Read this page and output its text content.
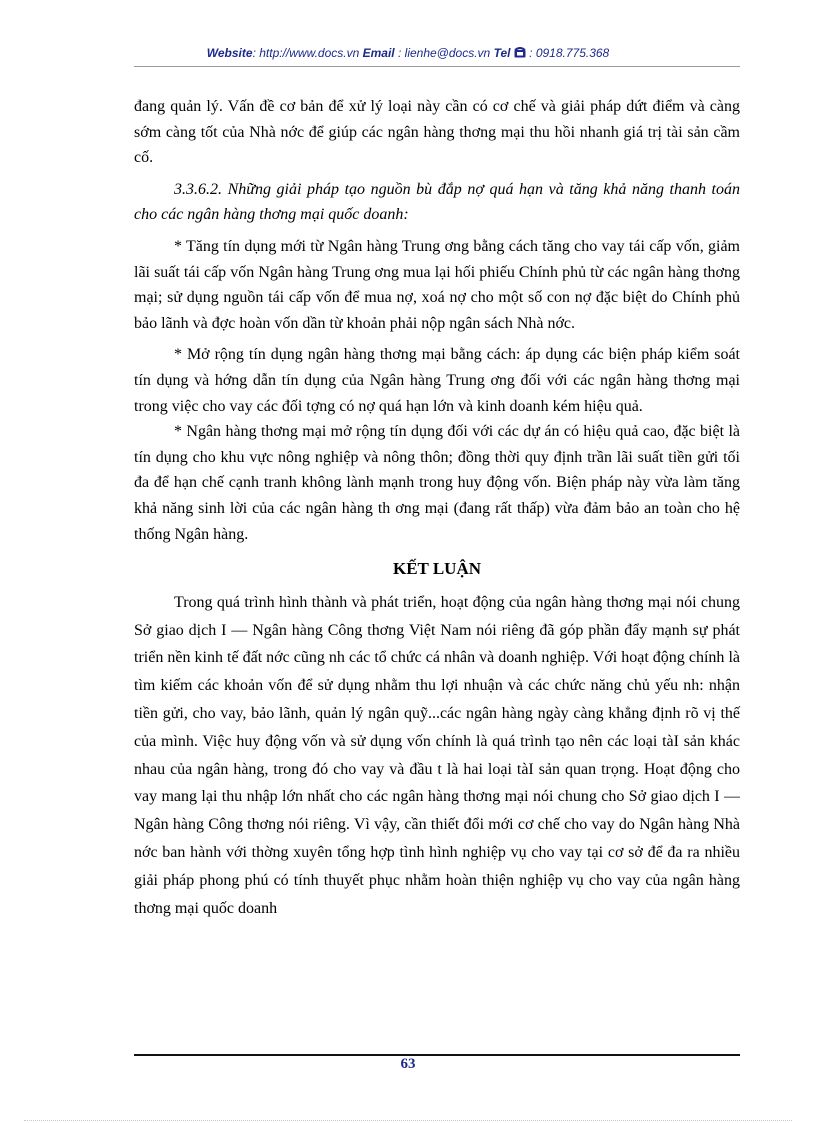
Website: http://www.docs.vn Email : lienhe@docs.vn Tel : 0918.775.368

đang quản lý. Vấn đề cơ bản để xử lý loại này cần có cơ chế và giải pháp dứt điểm và càng sớm càng tốt của Nhà nớc để giúp các ngân hàng thơng mại thu hồi nhanh giá trị tài sản cầm cố.

3.3.6.2. Những giải pháp tạo nguồn bù đắp nợ quá hạn và tăng khả năng thanh toán cho các ngân hàng thơng mại quốc doanh:

* Tăng tín dụng mới từ Ngân hàng Trung ơng bằng cách tăng cho vay tái cấp vốn, giảm lãi suất tái cấp vốn Ngân hàng Trung ơng mua lại hối phiếu Chính phủ từ các ngân hàng thơng mại; sử dụng nguồn tái cấp vốn để mua nợ, xoá nợ cho một số con nợ đặc biệt do Chính phủ bảo lãnh và đợc hoàn vốn dần từ khoản phải nộp ngân sách Nhà nớc.

* Mở rộng tín dụng ngân hàng thơng mại bằng cách: áp dụng các biện pháp kiểm soát tín dụng và hớng dẫn tín dụng của Ngân hàng Trung ơng đối với các ngân hàng thơng mại trong việc cho vay các đối tợng có nợ quá hạn lớn và kinh doanh kém hiệu quả.

* Ngân hàng thơng mại mở rộng tín dụng đối với các dự án có hiệu quả cao, đặc biệt là tín dụng cho khu vực nông nghiệp và nông thôn; đồng thời quy định trần lãi suất tiền gửi tối đa để hạn chế cạnh tranh không lành mạnh trong huy động vốn. Biện pháp này vừa làm tăng khả năng sinh lời của các ngân hàng th ơng mại (đang rất thấp) vừa đảm bảo an toàn cho hệ thống Ngân hàng.

KẾT LUẬN

Trong quá trình hình thành và phát triển, hoạt động của ngân hàng thơng mại nói chung Sở giao dịch I — Ngân hàng Công thơng Việt Nam nói riêng đã góp phần đẩy mạnh sự phát triển nền kinh tế đất nớc cũng nh các tổ chức cá nhân và doanh nghiệp. Với hoạt động chính là tìm kiếm các khoản vốn để sử dụng nhằm thu lợi nhuận và các chức năng chủ yếu nh: nhận tiền gửi, cho vay, bảo lãnh, quản lý ngân quỹ...các ngân hàng ngày càng khẳng định rõ vị thế của mình. Việc huy động vốn và sử dụng vốn chính là quá trình tạo nên các loại tàI sản khác nhau của ngân hàng, trong đó cho vay và đầu t là hai loại tàI sản quan trọng. Hoạt động cho vay mang lại thu nhập lớn nhất cho các ngân hàng thơng mại nói chung cho Sở giao dịch I — Ngân hàng Công thơng nói riêng. Vì vậy, cần thiết đổi mới cơ chế cho vay do Ngân hàng Nhà nớc ban hành với thờng xuyên tổng hợp tình hình nghiệp vụ cho vay tại cơ sở để đa ra nhiều giải pháp phong phú có tính thuyết phục nhằm hoàn thiện nghiệp vụ cho vay của ngân hàng thơng mại quốc doanh

63
